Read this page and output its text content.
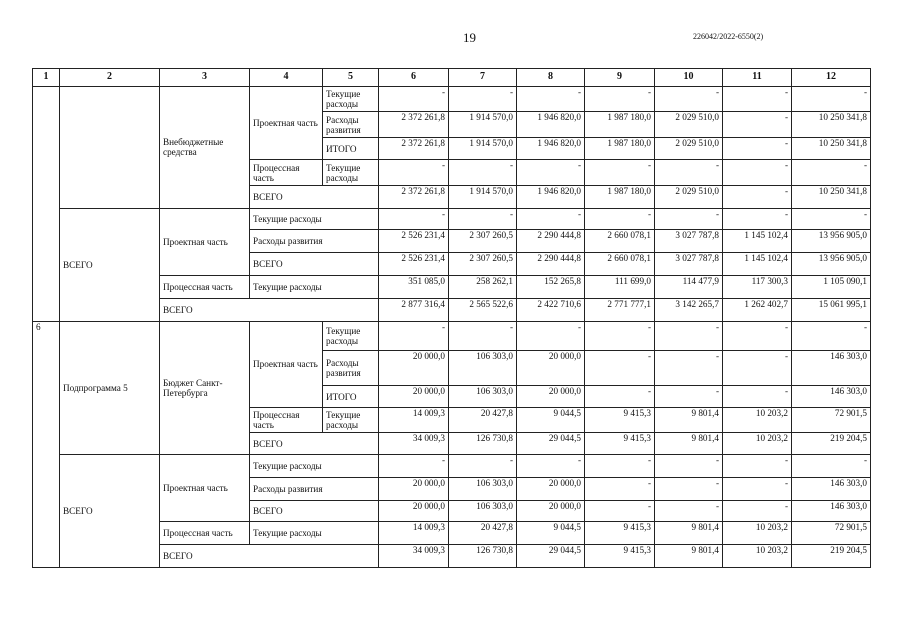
19	226042/2022-6550(2)
1	2	3	4	5	6	7	8	9	10	11	12
		Внебюджетные средства	Проектная часть	Текущие расходы	-	-	-	-	-	-	-
				Расходы развития	2 372 261,8	1 914 570,0	1 946 820,0	1 987 180,0	2 029 510,0	-	10 250 341,8
				ИТОГО	2 372 261,8	1 914 570,0	1 946 820,0	1 987 180,0	2 029 510,0	-	10 250 341,8
			Процессная часть	Текущие расходы	-	-	-	-	-	-	-
			ВСЕГО		2 372 261,8	1 914 570,0	1 946 820,0	1 987 180,0	2 029 510,0	-	10 250 341,8
	ВСЕГО	Проектная часть	Текущие расходы		-	-	-	-	-	-	-
			Расходы развития		2 526 231,4	2 307 260,5	2 290 444,8	2 660 078,1	3 027 787,8	1 145 102,4	13 956 905,0
			ВСЕГО		2 526 231,4	2 307 260,5	2 290 444,8	2 660 078,1	3 027 787,8	1 145 102,4	13 956 905,0
		Процессная часть	Текущие расходы		351 085,0	258 262,1	152 265,8	111 699,0	114 477,9	117 300,3	1 105 090,1
		ВСЕГО			2 877 316,4	2 565 522,6	2 422 710,6	2 771 777,1	3 142 265,7	1 262 402,7	15 061 995,1
6	Подпрограмма 5	Бюджет Санкт-Петербурга	Проектная часть	Текущие расходы	-	-	-	-	-	-	-
				Расходы развития	20 000,0	106 303,0	20 000,0	-	-	-	146 303,0
				ИТОГО	20 000,0	106 303,0	20 000,0	-	-	-	146 303,0
			Процессная часть	Текущие расходы	14 009,3	20 427,8	9 044,5	9 415,3	9 801,4	10 203,2	72 901,5
			ВСЕГО		34 009,3	126 730,8	29 044,5	9 415,3	9 801,4	10 203,2	219 204,5
	ВСЕГО	Проектная часть	Текущие расходы		-	-	-	-	-	-	-
			Расходы развития		20 000,0	106 303,0	20 000,0	-	-	-	146 303,0
			ВСЕГО		20 000,0	106 303,0	20 000,0	-	-	-	146 303,0
		Процессная часть	Текущие расходы		14 009,3	20 427,8	9 044,5	9 415,3	9 801,4	10 203,2	72 901,5
		ВСЕГО			34 009,3	126 730,8	29 044,5	9 415,3	9 801,4	10 203,2	219 204,5
